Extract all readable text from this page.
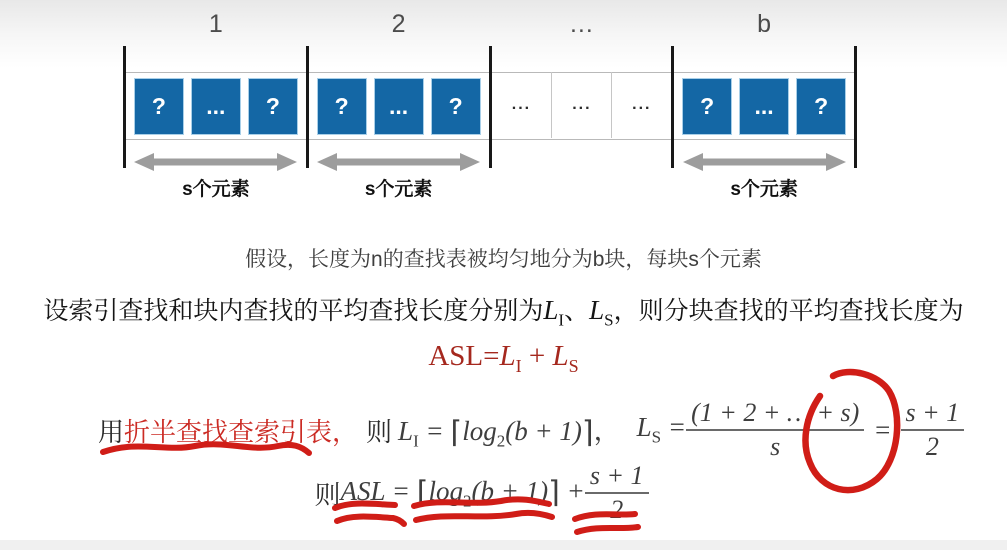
1
?	...	?
s个元素
2
?	...	?
s个元素
…
...	...	...
b
?	...	?
s个元素
假设，长度为n的查找表被均匀地分为b块，每块s个元素
设索引查找和块内查找的平均查找长度分别为$L_I$、$L_S$，则分块查找的平均查找长度为
$ASL=L_I + L_S$
用 折半查找查索引表， 则 $L_I$ = $⌈\log_2(b$ + 1)⌉， $L_S = \frac{(1 + 2 + \dots + s)}{s} = \frac{s + 1}{2}$
则 ASL = $⌈\log_2(b$ + 1)⌉ + $\frac{s + 1}{2}$
